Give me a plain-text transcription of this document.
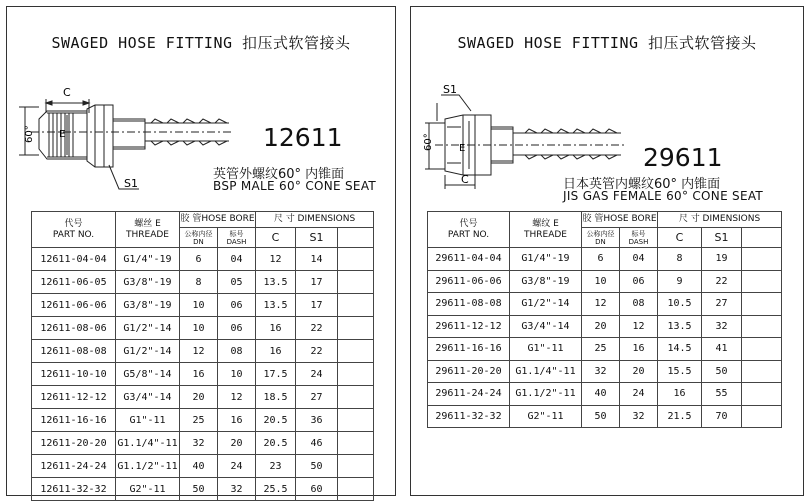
SWAGED HOSE FITTING 扣压式软管接头
C
E
60°
S1
12611
英管外螺纹60° 内锥面
BSP MALE 60° CONE SEAT
代号
PART NO.	螺丝 E
THREADE	胶 管HOSE BORE		尺 寸 DIMENSIONS		

		公称内径
DN	标号
DASH	C	S1	
12611-04-04	G1/4"-19	6	04	12	14	
12611-06-05	G3/8"-19	8	05	13.5	17	
12611-06-06	G3/8"-19	10	06	13.5	17	
12611-08-06	G1/2"-14	10	06	16	22	
12611-08-08	G1/2"-14	12	08	16	22	
12611-10-10	G5/8"-14	16	10	17.5	24	
12611-12-12	G3/4"-14	20	12	18.5	27	
12611-16-16	G1"-11	25	16	20.5	36	
12611-20-20	G1.1/4"-11	32	20	20.5	46	
12611-24-24	G1.1/2"-11	40	24	23	50	
12611-32-32	G2"-11	50	32	25.5	60	
SWAGED HOSE FITTING 扣压式软管接头
S1
E
60°
C
29611
日本英管内螺纹60° 内锥面
JIS GAS FEMALE 60° CONE SEAT
代号
PART NO.	螺纹 E
THREADE	胶 管HOSE BORE		尺 寸 DIMENSIONS		

		公称内径
DN	标号
DASH	C	S1	
29611-04-04	G1/4"-19	6	04	8	19	
29611-06-06	G3/8"-19	10	06	9	22	
29611-08-08	G1/2"-14	12	08	10.5	27	
29611-12-12	G3/4"-14	20	12	13.5	32	
29611-16-16	G1"-11	25	16	14.5	41	
29611-20-20	G1.1/4"-11	32	20	15.5	50	
29611-24-24	G1.1/2"-11	40	24	16	55	
29611-32-32	G2"-11	50	32	21.5	70	
